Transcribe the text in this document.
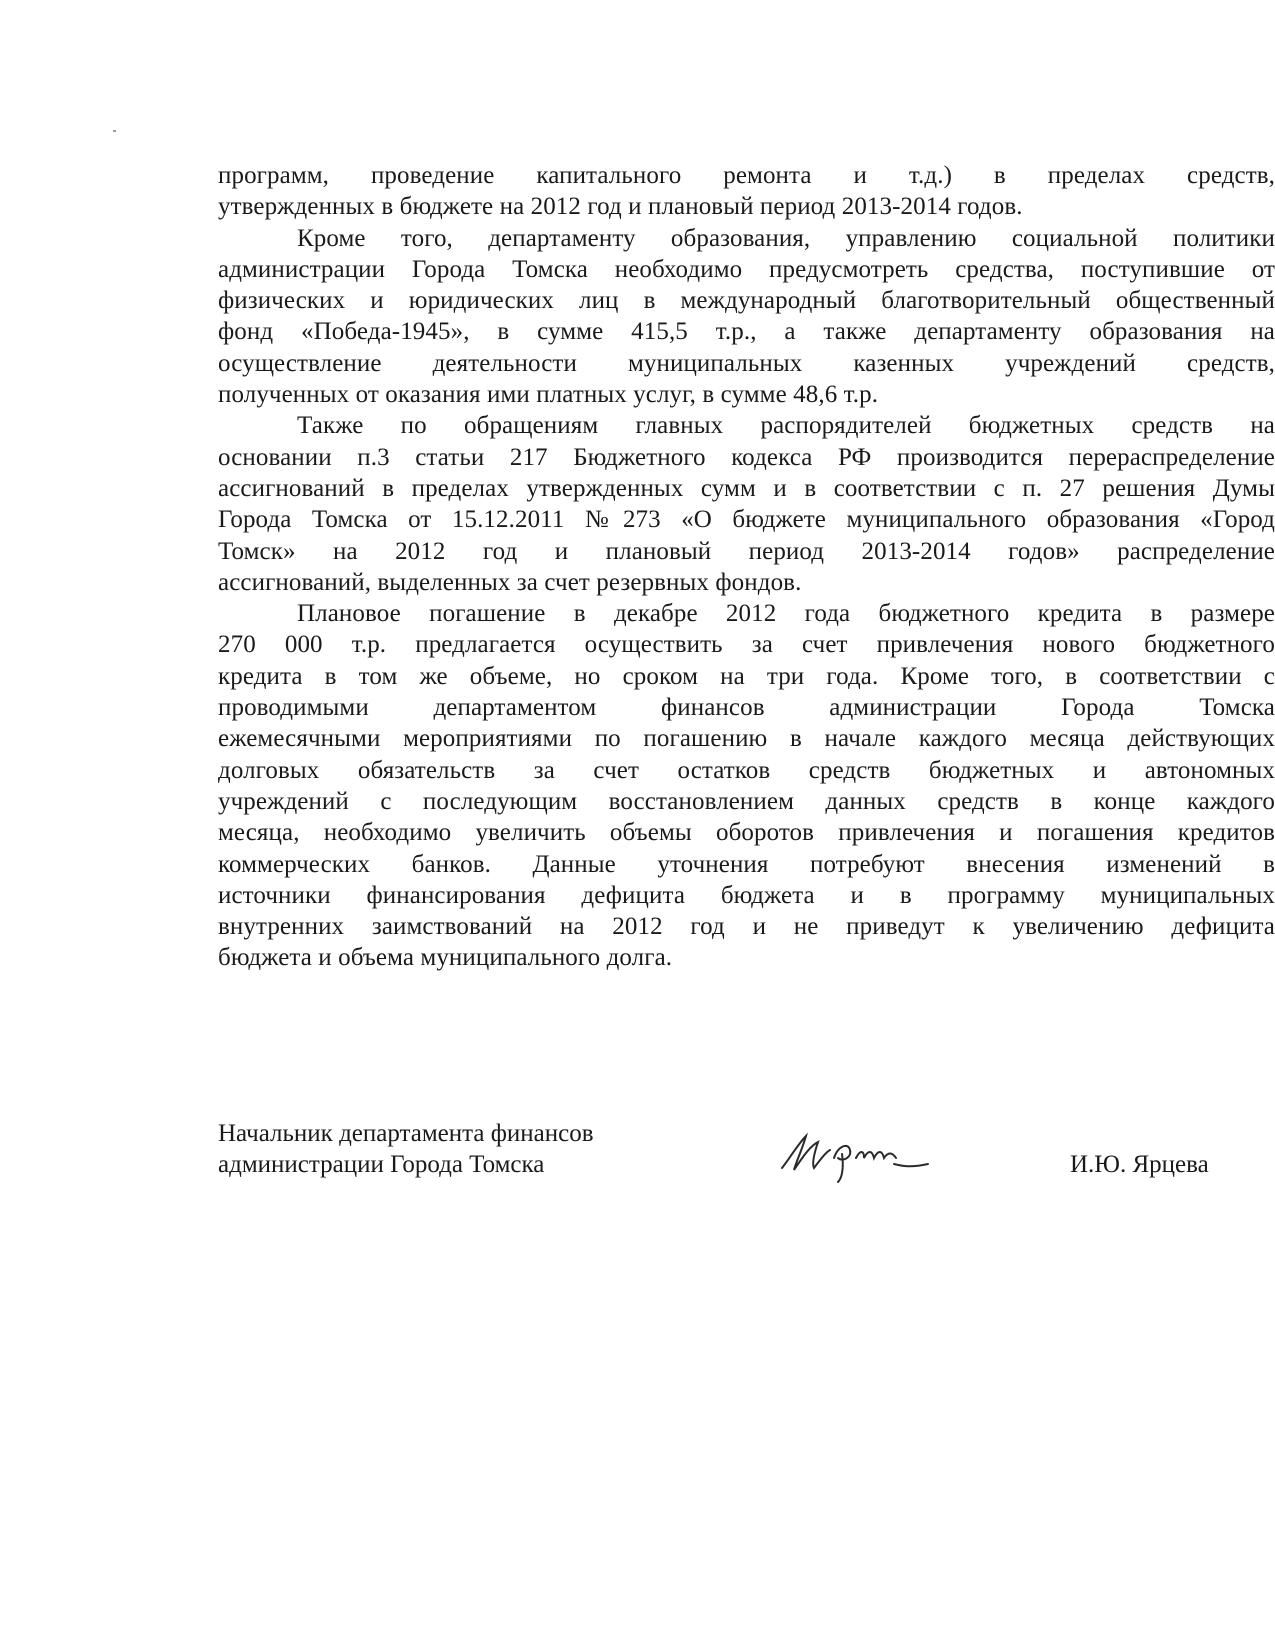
программ, проведение капитального ремонта и т.д.) в пределах средств,
утвержденных в бюджете на 2012 год и плановый период 2013-2014 годов.

Кроме того, департаменту образования, управлению социальной политики
администрации Города Томска необходимо предусмотреть средства, поступившие от
физических и юридических лиц в международный благотворительный общественный
фонд «Победа-1945», в сумме 415,5 т.р., а также департаменту образования на
осуществление деятельности муниципальных казенных учреждений средств,
полученных от оказания ими платных услуг, в сумме 48,6 т.р.

Также по обращениям главных распорядителей бюджетных средств на
основании п.3 статьи 217 Бюджетного кодекса РФ производится перераспределение
ассигнований в пределах утвержденных сумм и в соответствии с п. 27 решения Думы
Города Томска от 15.12.2011 №273 «О бюджете муниципального образования «Город
Томск» на 2012 год и плановый период 2013-2014 годов» распределение
ассигнований, выделенных за счет резервных фондов.

Плановое погашение в декабре 2012 года бюджетного кредита в размере
270 000 т.р. предлагается осуществить за счет привлечения нового бюджетного
кредита в том же объеме, но сроком на три года. Кроме того, в соответствии с
проводимыми департаментом финансов администрации Города Томска
ежемесячными мероприятиями по погашению в начале каждого месяца действующих
долговых обязательств за счет остатков средств бюджетных и автономных
учреждений с последующим восстановлением данных средств в конце каждого
месяца, необходимо увеличить объемы оборотов привлечения и погашения кредитов
коммерческих банков. Данные уточнения потребуют внесения изменений в
источники финансирования дефицита бюджета и в программу муниципальных
внутренних заимствований на 2012 год и не приведут к увеличению дефицита
бюджета и объема муниципального долга.

Начальник департамента финансов
администрации Города Томска	И.Ю. Ярцева
